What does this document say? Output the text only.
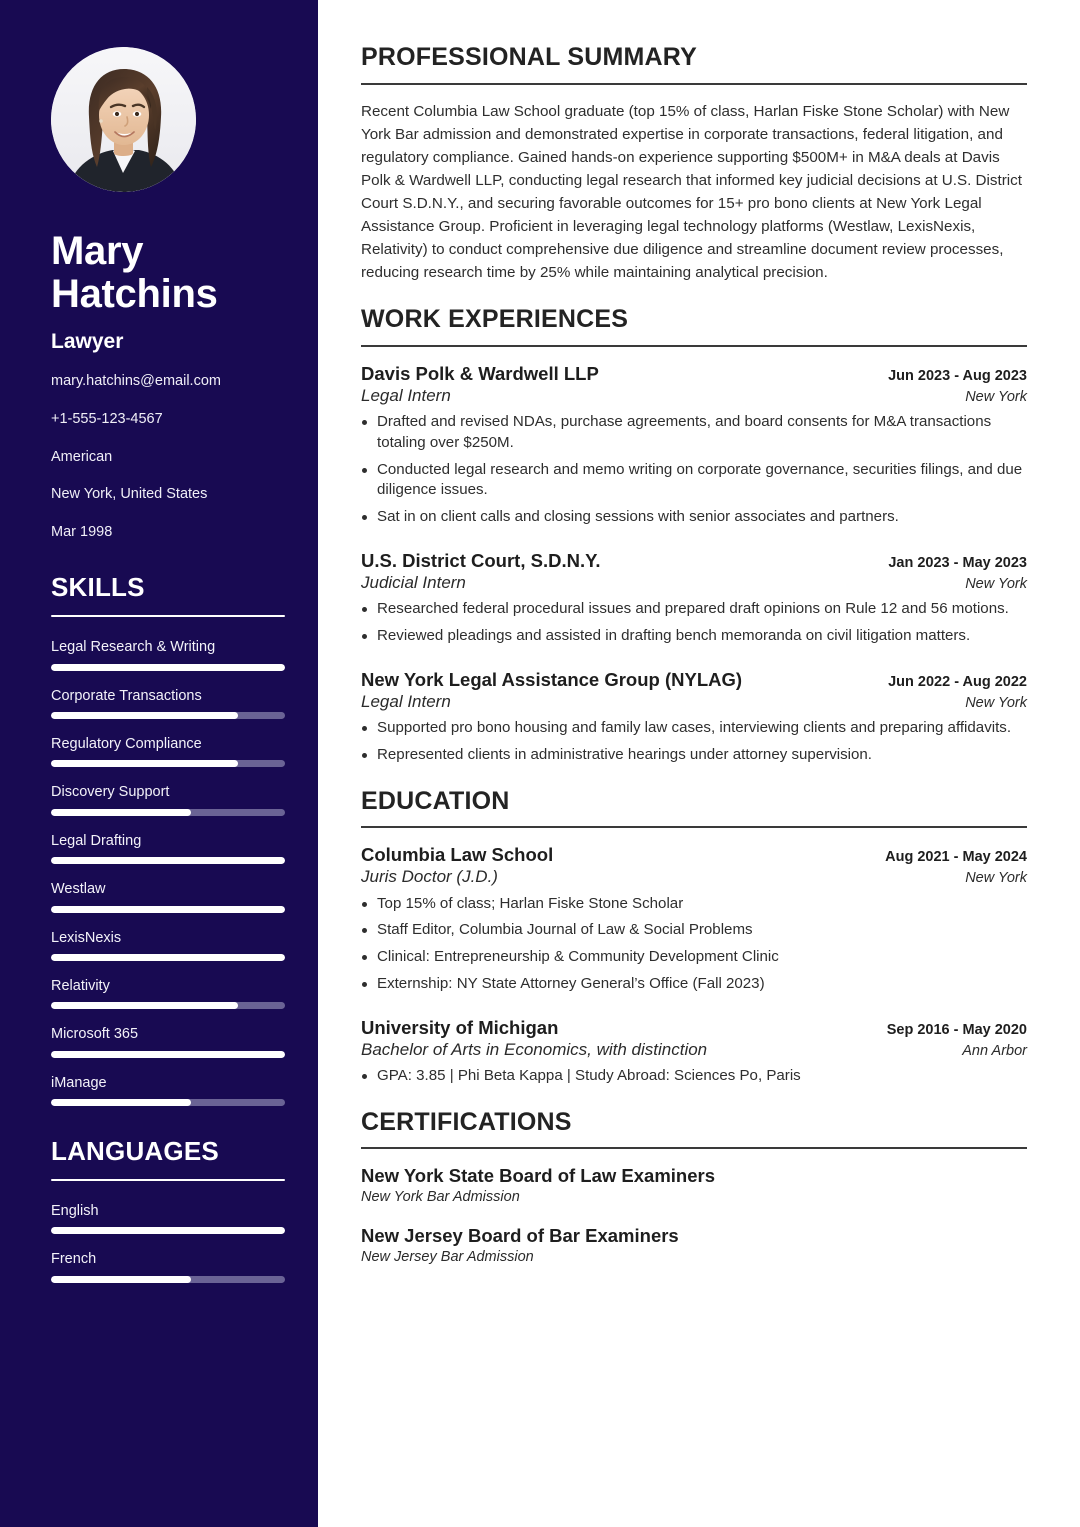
Mary
Hatchins
Lawyer
mary.hatchins@email.com
+1-555-123-4567
American
New York, United States
Mar 1998
SKILLS
Legal Research & Writing
Corporate Transactions
Regulatory Compliance
Discovery Support
Legal Drafting
Westlaw
LexisNexis
Relativity
Microsoft 365
iManage
LANGUAGES
English
French
PROFESSIONAL SUMMARY

Recent Columbia Law School graduate (top 15% of class, Harlan Fiske Stone Scholar) with New York Bar admission and demonstrated expertise in corporate transactions, federal litigation, and regulatory compliance. Gained hands-on experience supporting $500M+ in M&A deals at Davis Polk & Wardwell LLP, conducting legal research that informed key judicial decisions at U.S. District Court S.D.N.Y., and securing favorable outcomes for 15+ pro bono clients at New York Legal Assistance Group. Proficient in leveraging legal technology platforms (Westlaw, LexisNexis, Relativity) to conduct comprehensive due diligence and streamline document review processes, reducing research time by 25% while maintaining analytical precision.

WORK EXPERIENCES
Davis Polk & Wardwell LLP	Jun 2023 - Aug 2023
Legal Intern	New York
Drafted and revised NDAs, purchase agreements, and board consents for M&A transactions totaling over $250M.
Conducted legal research and memo writing on corporate governance, securities filings, and due diligence issues.
Sat in on client calls and closing sessions with senior associates and partners.
U.S. District Court, S.D.N.Y.	Jan 2023 - May 2023
Judicial Intern	New York
Researched federal procedural issues and prepared draft opinions on Rule 12 and 56 motions.
Reviewed pleadings and assisted in drafting bench memoranda on civil litigation matters.
New York Legal Assistance Group (NYLAG)	Jun 2022 - Aug 2022
Legal Intern	New York
Supported pro bono housing and family law cases, interviewing clients and preparing affidavits.
Represented clients in administrative hearings under attorney supervision.
EDUCATION
Columbia Law School	Aug 2021 - May 2024
Juris Doctor (J.D.)	New York
Top 15% of class; Harlan Fiske Stone Scholar
Staff Editor, Columbia Journal of Law & Social Problems
Clinical: Entrepreneurship & Community Development Clinic
Externship: NY State Attorney General’s Office (Fall 2023)
University of Michigan	Sep 2016 - May 2020
Bachelor of Arts in Economics, with distinction	Ann Arbor
GPA: 3.85 | Phi Beta Kappa | Study Abroad: Sciences Po, Paris
CERTIFICATIONS
New York State Board of Law Examiners
New York Bar Admission
New Jersey Board of Bar Examiners
New Jersey Bar Admission
